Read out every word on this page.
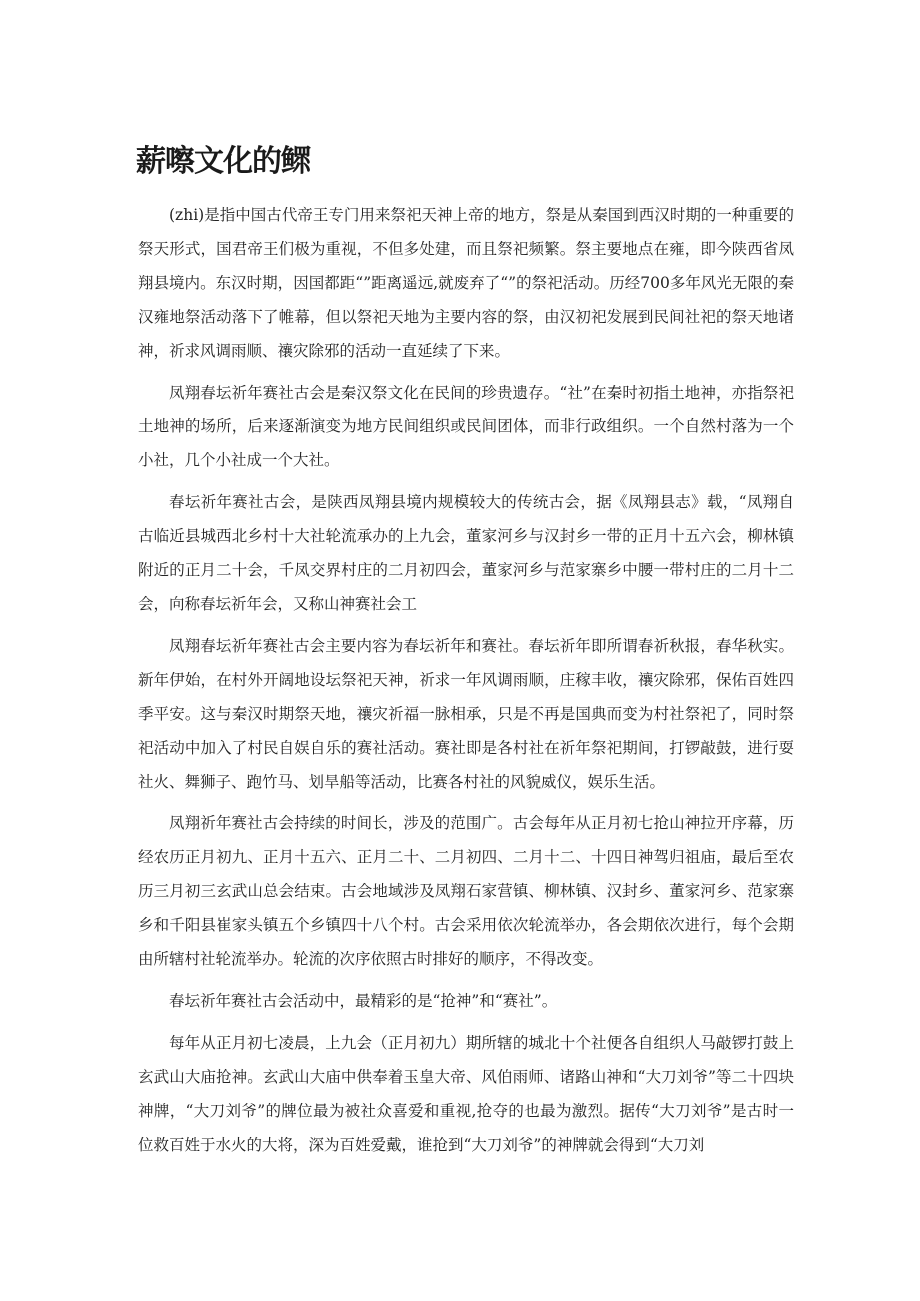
薪嚓文化的鳏

(zhi)是指中国古代帝王专门用来祭祀天神上帝的地方，祭是从秦国到西汉时期的一种重要的祭天形式，国君帝王们极为重视，不但多处建，而且祭祀频繁。祭主要地点在雍，即今陕西省凤翔县境内。东汉时期，因国都距“”距离遥远,就废弃了“”的祭祀活动。历经700多年风光无限的秦汉雍地祭活动落下了帷幕，但以祭祀天地为主要内容的祭，由汉初祀发展到民间社祀的祭天地诸神，祈求风调雨顺、禳灾除邪的活动一直延续了下来。

凤翔春坛祈年赛社古会是秦汉祭文化在民间的珍贵遗存。“社”在秦时初指土地神，亦指祭祀土地神的场所，后来逐渐演变为地方民间组织或民间团体，而非行政组织。一个自然村落为一个小社，几个小社成一个大社。

春坛祈年赛社古会，是陕西凤翔县境内规模较大的传统古会，据《凤翔县志》载，“凤翔自古临近县城西北乡村十大社轮流承办的上九会，董家河乡与汉封乡一带的正月十五六会，柳林镇附近的正月二十会，千凤交界村庄的二月初四会，董家河乡与范家寨乡中腰一带村庄的二月十二会，向称春坛祈年会，又称山神赛社会工

凤翔春坛祈年赛社古会主要内容为春坛祈年和赛社。春坛祈年即所谓春祈秋报，春华秋实。新年伊始，在村外开阔地设坛祭祀天神，祈求一年风调雨顺，庄稼丰收，禳灾除邪，保佑百姓四季平安。这与秦汉时期祭天地，禳灾祈福一脉相承，只是不再是国典而变为村社祭祀了，同时祭祀活动中加入了村民自娱自乐的赛社活动。赛社即是各村社在祈年祭祀期间，打锣敲鼓，进行耍社火、舞狮子、跑竹马、划旱船等活动，比赛各村社的风貌威仪，娱乐生活。

凤翔祈年赛社古会持续的时间长，涉及的范围广。古会每年从正月初七抢山神拉开序幕，历经农历正月初九、正月十五六、正月二十、二月初四、二月十二、十四日神驾归祖庙，最后至农历三月初三玄武山总会结束。古会地域涉及凤翔石家营镇、柳林镇、汉封乡、董家河乡、范家寨乡和千阳县崔家头镇五个乡镇四十八个村。古会采用依次轮流举办，各会期依次进行，每个会期由所辖村社轮流举办。轮流的次序依照古时排好的顺序，不得改变。

春坛祈年赛社古会活动中，最精彩的是“抢神”和“赛社”。

每年从正月初七凌晨，上九会（正月初九）期所辖的城北十个社便各自组织人马敲锣打鼓上玄武山大庙抢神。玄武山大庙中供奉着玉皇大帝、风伯雨师、诸路山神和“大刀刘爷”等二十四块神牌，“大刀刘爷”的牌位最为被社众喜爱和重视,抢夺的也最为激烈。据传“大刀刘爷”是古时一位救百姓于水火的大将，深为百姓爱戴，谁抢到“大刀刘爷”的神牌就会得到“大刀刘
